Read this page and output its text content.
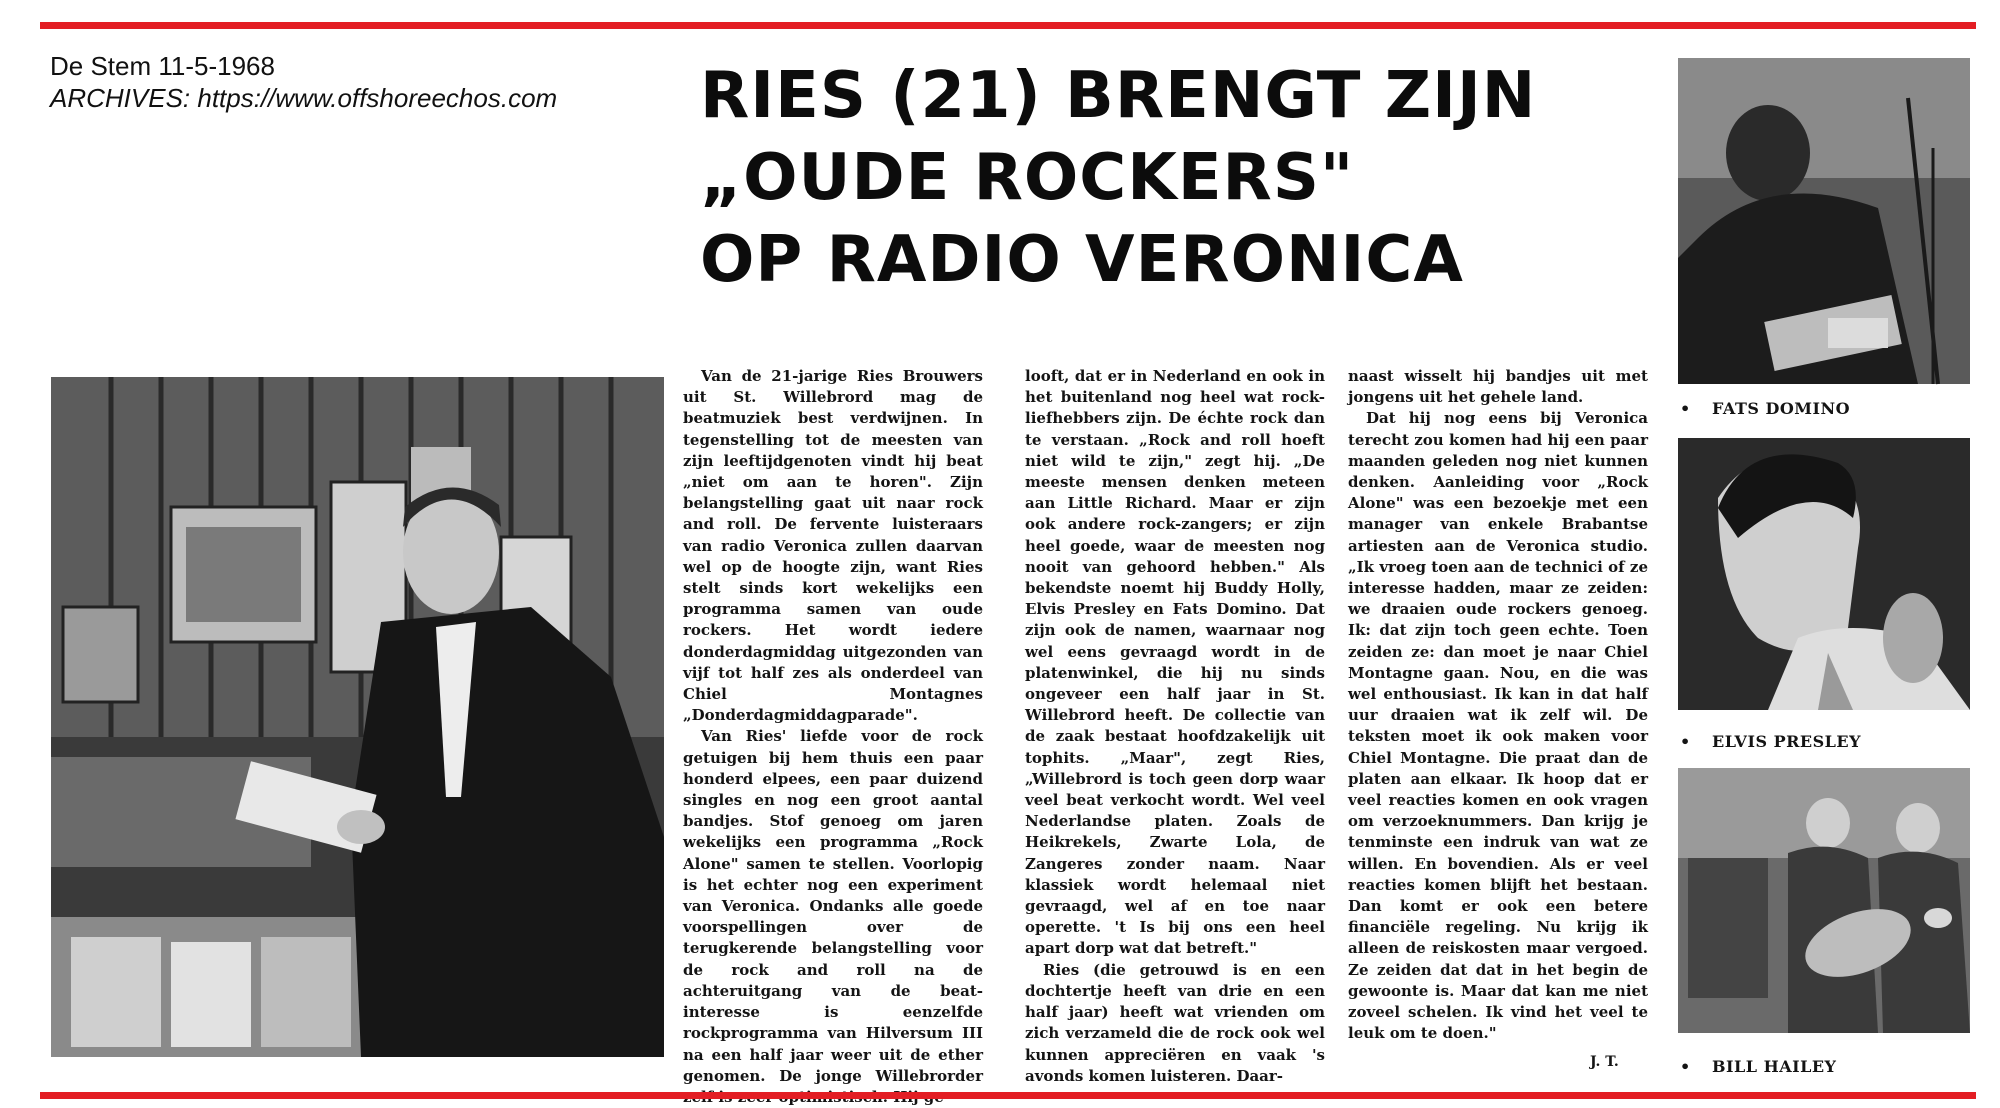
De Stem 11-5-1968
ARCHIVES: https://www.offshoreechos.com RIES (21) BRENGT ZIJN
„OUDE ROCKERS"
OP RADIO VERONICA

Van de 21-jarige Ries Brouwers uit St. Willebrord mag de beatmuziek best verdwijnen. In tegenstelling tot de meesten van zijn leeftijdgenoten vindt hij beat „niet om aan te horen". Zijn belangstelling gaat uit naar rock and roll. De fervente luisteraars van radio Veronica zullen daarvan wel op de hoogte zijn, want Ries stelt sinds kort wekelijks een programma samen van oude rockers. Het wordt iedere donderdagmiddag uitgezonden van vijf tot half zes als onderdeel van Chiel Montagnes „Donderdagmiddagparade".

Van Ries' liefde voor de rock getuigen bij hem thuis een paar honderd elpees, een paar duizend singles en nog een groot aantal bandjes. Stof genoeg om jaren wekelijks een programma „Rock Alone" samen te stellen. Voorlopig is het echter nog een experiment van Veronica. Ondanks alle goede voorspellingen over de terugkerende belangstelling voor de rock and roll na de achteruitgang van de beat-interesse is eenzelfde rockprogramma van Hilversum III na een half jaar weer uit de ether genomen. De jonge Willebrorder

looft, dat er in Nederland en ook in het buitenland nog heel wat rock-liefhebbers zijn. De échte rock dan te verstaan. „Rock and roll hoeft niet wild te zijn," zegt hij. „De meeste mensen denken meteen aan Little Richard. Maar er zijn ook andere rock-zangers; er zijn heel goede, waar de meesten nog nooit van gehoord hebben." Als bekendste noemt hij Buddy Holly, Elvis Presley en Fats Domino. Dat zijn ook de namen, waarnaar nog wel eens gevraagd wordt in de platenwinkel, die hij nu sinds ongeveer een half jaar in St. Willebrord heeft. De collectie van de zaak bestaat hoofdzakelijk uit tophits. „Maar", zegt Ries, „Willebrord is toch geen dorp waar veel beat verkocht wordt. Wel veel Nederlandse platen. Zoals de Heikrekels, Zwarte Lola, de Zangeres zonder naam. Naar klassiek wordt helemaal niet gevraagd, wel af en toe naar operette. 't Is bij ons een heel apart dorp wat dat betreft."

Ries (die getrouwd is en een dochtertje heeft van drie en een half jaar) heeft wat vrienden om zich verzameld die de rock ook wel kunnen appreciëren en vaak 's avonds komen luisteren. Daar-

naast wisselt hij bandjes uit met jongens uit het gehele land.

Dat hij nog eens bij Veronica terecht zou komen had hij een paar maanden geleden nog niet kunnen denken. Aanleiding voor „Rock Alone" was een bezoekje met een manager van enkele Brabantse artiesten aan de Veronica studio. „Ik vroeg toen aan de technici of ze interesse hadden, maar ze zeiden: we draaien oude rockers genoeg. Ik: dat zijn toch geen echte. Toen zeiden ze: dan moet je naar Chiel Montagne gaan. Nou, en die was wel enthousiast. Ik kan in dat half uur draaien wat ik zelf wil. De teksten moet ik ook maken voor Chiel Montagne. Die praat dan de platen aan elkaar. Ik hoop dat er veel reacties komen en ook vragen om verzoeknummers. Dan krijg je tenminste een indruk van wat ze willen. En bovendien. Als er veel reacties komen blijft het bestaan. Dan komt er ook een betere financiële regeling. Nu krijg ik alleen de reiskosten maar vergoed. Ze zeiden dat dat in het begin de gewoonte is. Maar dat kan me niet zoveel schelen. Ik vind het veel te leuk om te doen."

J. T.
• FATS DOMINO
• ELVIS PRESLEY
• BILL HAILEY
